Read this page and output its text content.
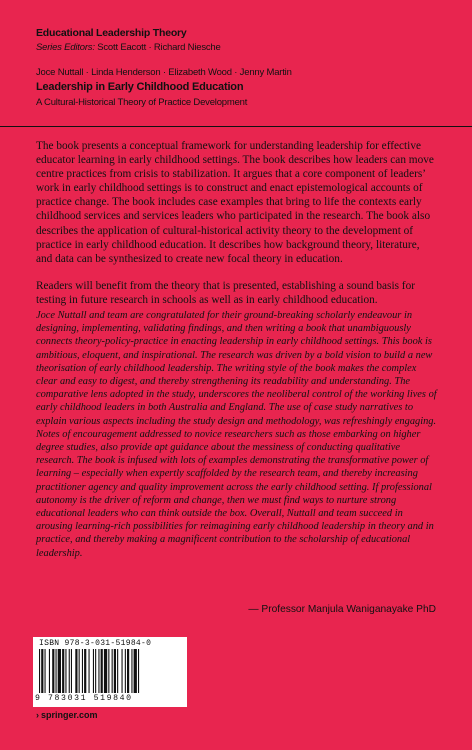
Educational Leadership Theory
Series Editors: Scott Eacott · Richard Niesche
Joce Nuttall · Linda Henderson · Elizabeth Wood · Jenny Martin
Leadership in Early Childhood Education
A Cultural-Historical Theory of Practice Development

The book presents a conceptual framework for understanding leadership for effective educator learning in early childhood settings. The book describes how leaders can move centre practices from crisis to stabilization. It argues that a core component of leaders’ work in early childhood settings is to construct and enact epistemological accounts of practice change. The book includes case examples that bring to life the contexts early childhood services and services leaders who participated in the research. The book also describes the application of cultural-historical activity theory to the development of practice in early childhood education. It describes how background theory, literature, and data can be synthesized to create new focal theory in education.

Readers will benefit from the theory that is presented, establishing a sound basis for testing in future research in schools as well as in early childhood education.

Joce Nuttall and team are congratulated for their ground-breaking scholarly endeavour in designing, implementing, validating findings, and then writing a book that unambiguously connects theory-policy-practice in enacting leadership in early childhood settings. This book is ambitious, eloquent, and inspirational. The research was driven by a bold vision to build a new theorisation of early childhood leadership. The writing style of the book makes the complex clear and easy to digest, and thereby strengthening its readability and understanding. The comparative lens adopted in the study, underscores the neoliberal control of the working lives of early childhood leaders in both Australia and England. The use of case study narratives to explain various aspects including the study design and methodology, was refreshingly engaging. Notes of encouragement addressed to novice researchers such as those embarking on higher degree studies, also provide apt guidance about the messiness of conducting qualitative research. The book is infused with lots of examples demonstrating the transformative power of learning – especially when expertly scaffolded by the research team, and thereby increasing practitioner agency and quality improvement across the early childhood setting. If professional autonomy is the driver of reform and change, then we must find ways to nurture strong educational leaders who can think outside the box. Overall, Nuttall and team succeed in arousing learning-rich possibilities for reimagining early childhood leadership in theory and in practice, and thereby making a magnificent contribution to the scholarship of educational leadership.
— Professor Manjula Waniganayake PhD
ISBN 978-3-031-51984-0
9 783031 519840
› springer.com
